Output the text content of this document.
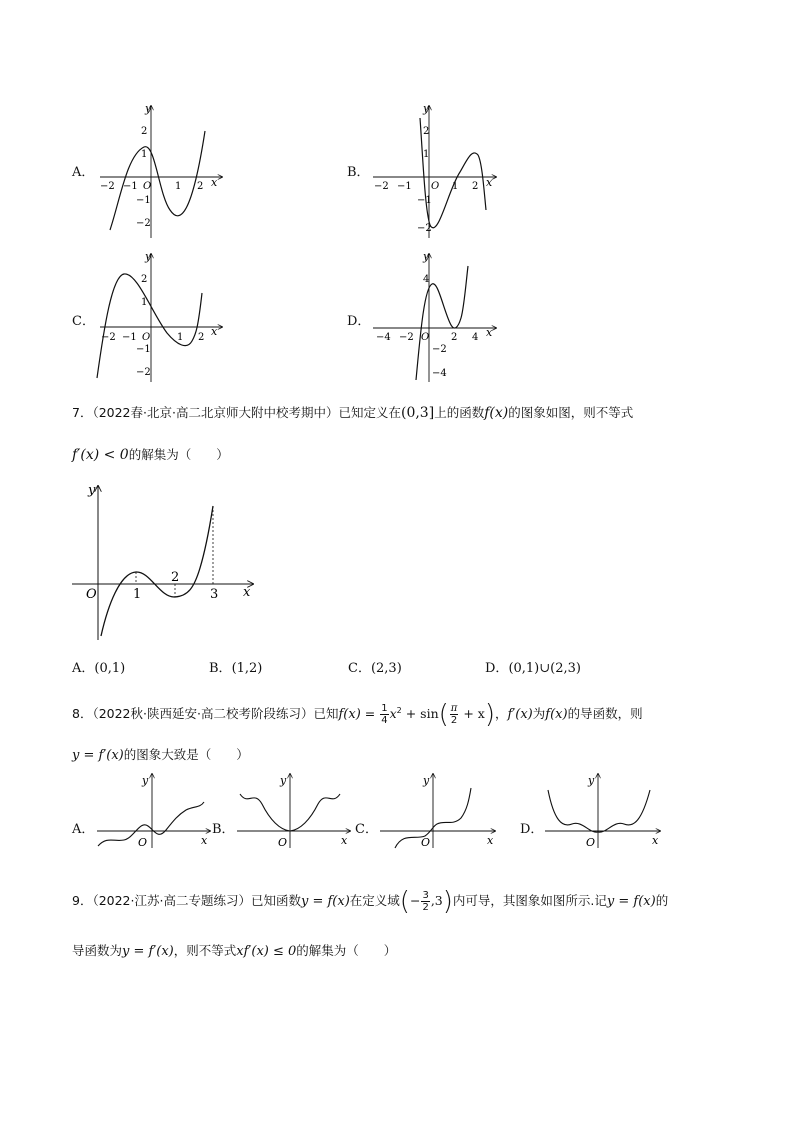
A．
x
y
−2 −1 O 1 2
2
1
−1
−2
B．
x
y
−2 −1 O 1 2
2
1
−1
−2
C．
x
y
−2 −1 O	1 2
2
1
−1
−2
D．
x
y
−4 −2 O 2 4
4
−2
−4
7．（2022春·北京·高二北京师大附中校考期中）已知定义在(0,3]上的函数f(x)的图象如图，则不等式
f′(x) < 0的解集为（　　）
y
x
O	1
2
3
A．(0,1)	B．(1,2)	C．(2,3)	D．(0,1)∪(2,3)
8．（2022秋·陕西延安·高二校考阶段练习）已知$f(x) = \frac{1}{4} x^2 + \sin( \frac{\pi}{2} + x)$，f′(x)为f(x)的导函数，则
y = f′(x)的图象大致是（　　）
A．
x
y
O
B．
x
y
O
C．
x
y
O
D．
x
y
O
9．（2022·江苏·高二专题练习）已知函数y = f(x)在定义域(− $\frac{3}{2} ,3$)内可导，其图象如图所示.记y = f(x)的
导函数为y = f′(x)，则不等式xf′(x) ≤ 0的解集为（　　）
